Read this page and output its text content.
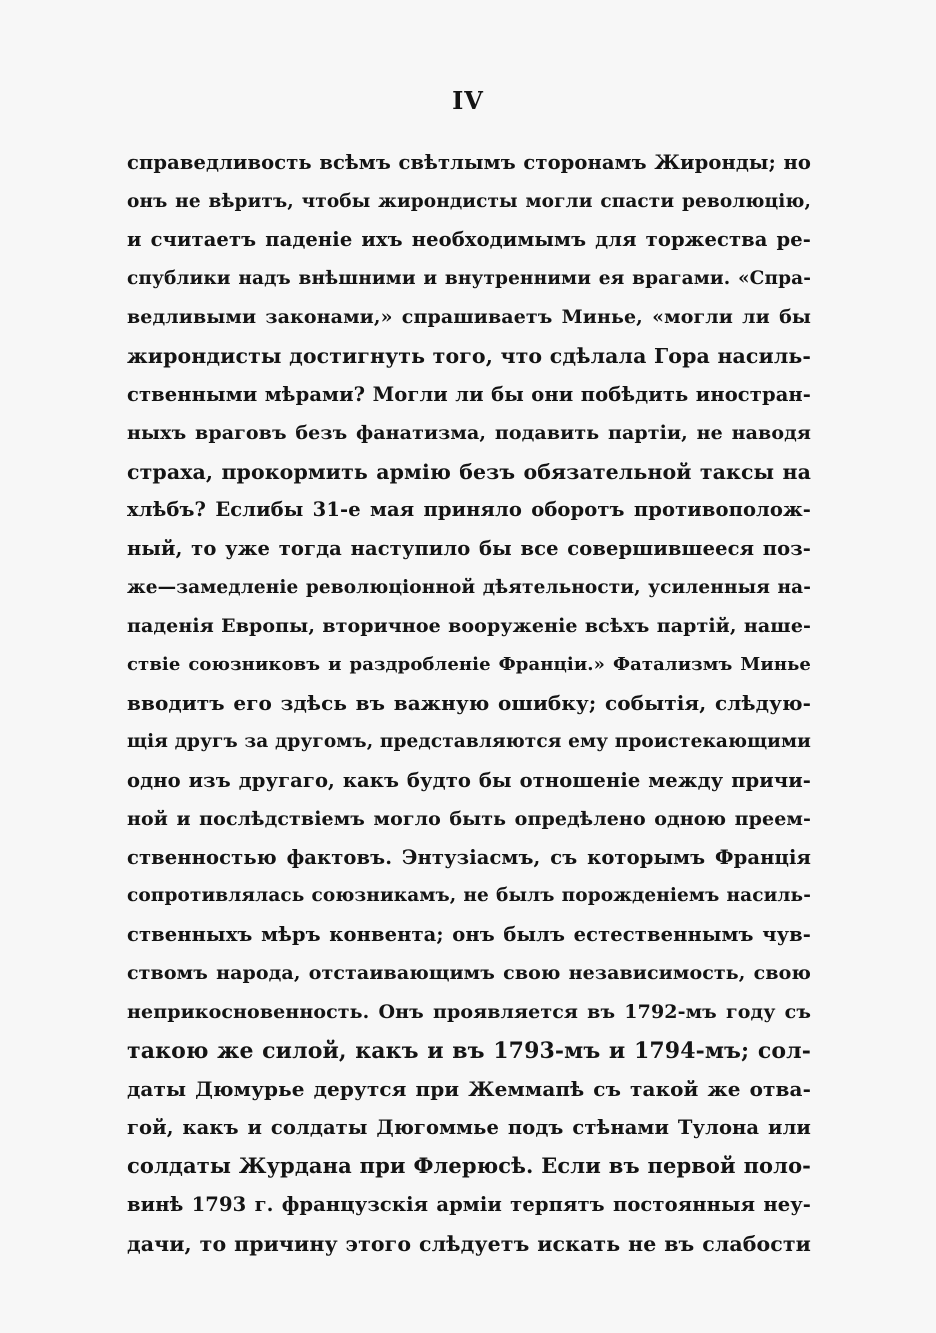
IV
справедливость всѣмъ свѣтлымъ сторонамъ Жиронды; но
онъ не вѣритъ, чтобы жирондисты могли спасти революцію,
и считаетъ паденіе ихъ необходимымъ для торжества ре-
спублики надъ внѣшними и внутренними ея врагами. «Спра-
ведливыми законами,» спрашиваетъ Минье, «могли ли бы
жирондисты достигнуть того, что сдѣлала Гора насиль-
ственными мѣрами? Могли ли бы они побѣдить иностран-
ныхъ враговъ безъ фанатизма, подавить партіи, не наводя
страха, прокормить армію безъ обязательной таксы на
хлѣбъ? Еслибы 31-е мая приняло оборотъ противополож-
ный, то уже тогда наступило бы все совершившееся поз-
же—замедленіе революціонной дѣятельности, усиленныя на-
паденія Европы, вторичное вооруженіе всѣхъ партій, наше-
ствіе союзниковъ и раздробленіе Франціи.» Фатализмъ Минье
вводитъ его здѣсь въ важную ошибку; событія, слѣдую-
щія другъ за другомъ, представляются ему проистекающими
одно изъ другаго, какъ будто бы отношеніе между причи-
ной и послѣдствіемъ могло быть опредѣлено одною преем-
ственностью фактовъ. Энтузіасмъ, съ которымъ Франція
сопротивлялась союзникамъ, не былъ порожденіемъ насиль-
ственныхъ мѣръ конвента; онъ былъ естественнымъ чув-
ствомъ народа, отстаивающимъ свою независимость, свою
неприкосновенность. Онъ проявляется въ 1792-мъ году съ
такою же силой, какъ и въ 1793-мъ и 1794-мъ; сол-
даты Дюмурье дерутся при Жеммапѣ съ такой же отва-
гой, какъ и солдаты Дюгоммье подъ стѣнами Тулона или
солдаты Журдана при Флерюсѣ. Если въ первой поло-
винѣ 1793 г. французскія арміи терпятъ постоянныя неу-
дачи, то причину этого слѣдуетъ искать не въ слабости
